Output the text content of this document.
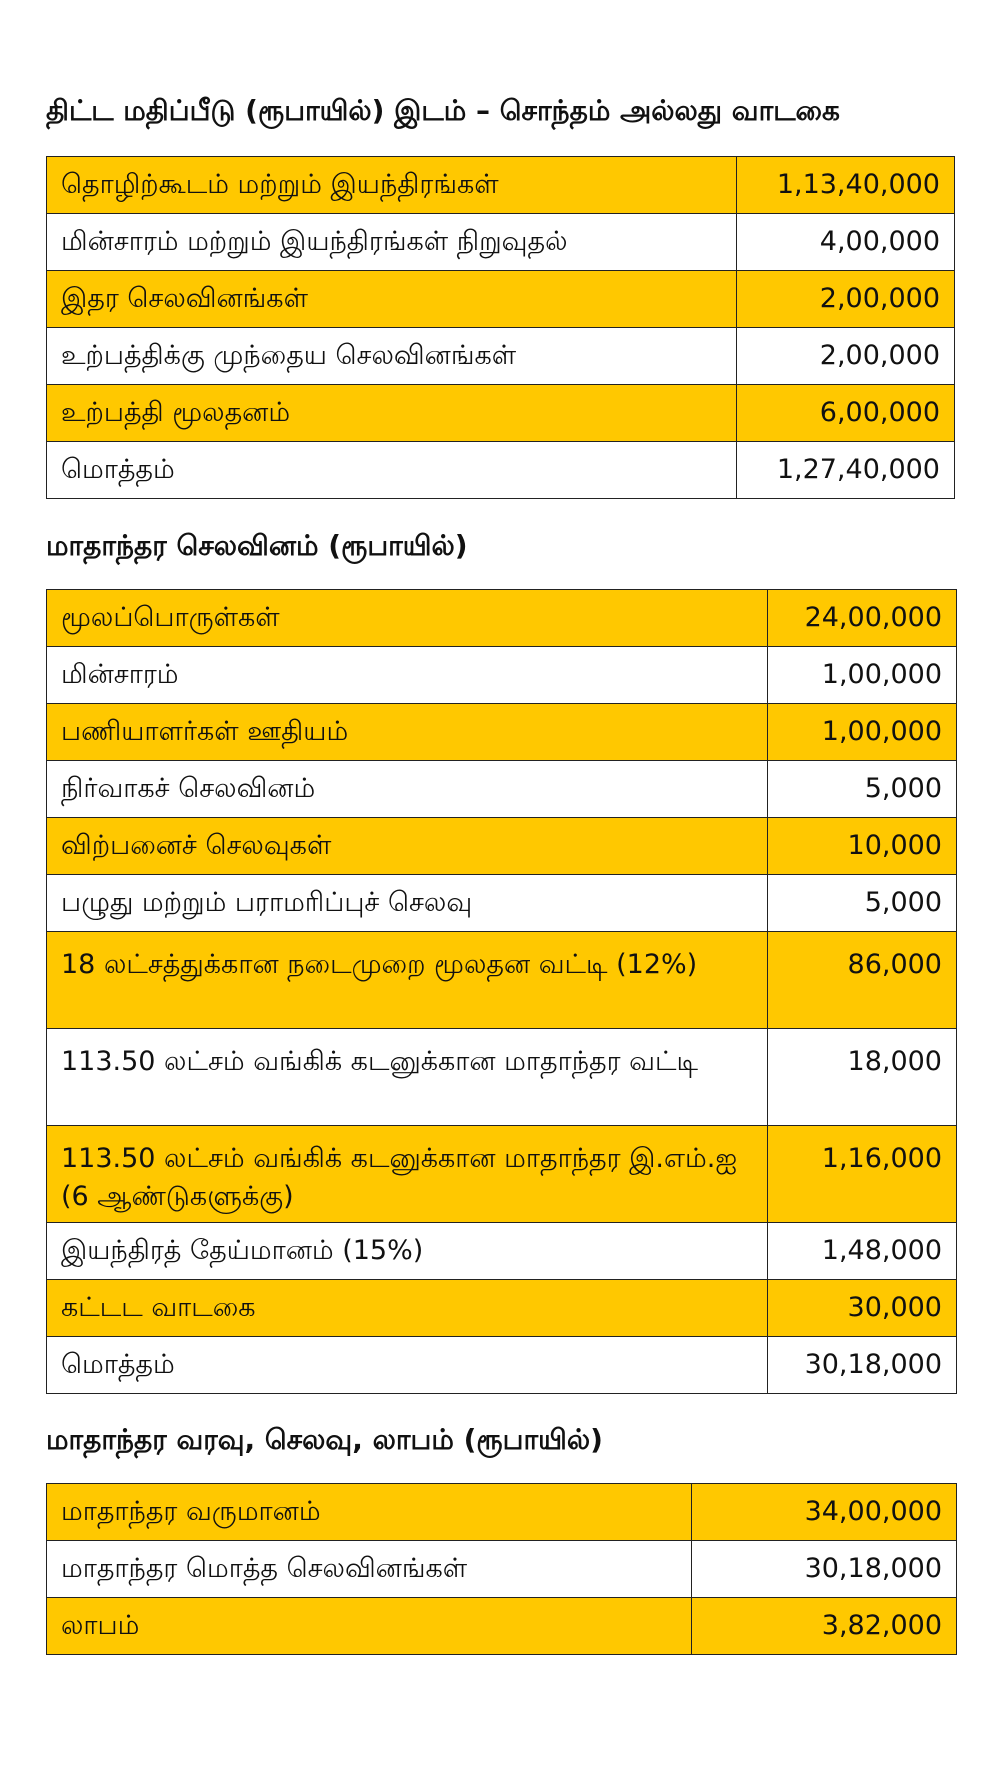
திட்ட மதிப்பீடு (ரூபாயில்) இடம் – சொந்தம் அல்லது வாடகை
தொழிற்கூடம் மற்றும் இயந்திரங்கள்	1,13,40,000
மின்சாரம் மற்றும் இயந்திரங்கள் நிறுவுதல்	4,00,000
இதர செலவினங்கள்	2,00,000
உற்பத்திக்கு முந்தைய செலவினங்கள்	2,00,000
உற்பத்தி மூலதனம்	6,00,000
மொத்தம்	1,27,40,000
மாதாந்தர செலவினம் (ரூபாயில்)
மூலப்பொருள்கள்	24,00,000
மின்சாரம்	1,00,000
பணியாளர்கள் ஊதியம்	1,00,000
நிர்வாகச் செலவினம்	5,000
விற்பனைச் செலவுகள்	10,000
பழுது மற்றும் பராமரிப்புச் செலவு	5,000
18 லட்சத்துக்கான நடைமுறை மூலதன வட்டி (12%)	86,000
113.50 லட்சம் வங்கிக் கடனுக்கான மாதாந்தர வட்டி	18,000
113.50 லட்சம் வங்கிக் கடனுக்கான மாதாந்தர இ.எம்.ஐ (6 ஆண்டுகளுக்கு)	1,16,000
இயந்திரத் தேய்மானம் (15%)	1,48,000
கட்டட வாடகை	30,000
மொத்தம்	30,18,000
மாதாந்தர வரவு, செலவு, லாபம் (ரூபாயில்)
மாதாந்தர வருமானம்	34,00,000
மாதாந்தர மொத்த செலவினங்கள்	30,18,000
லாபம்	3,82,000
